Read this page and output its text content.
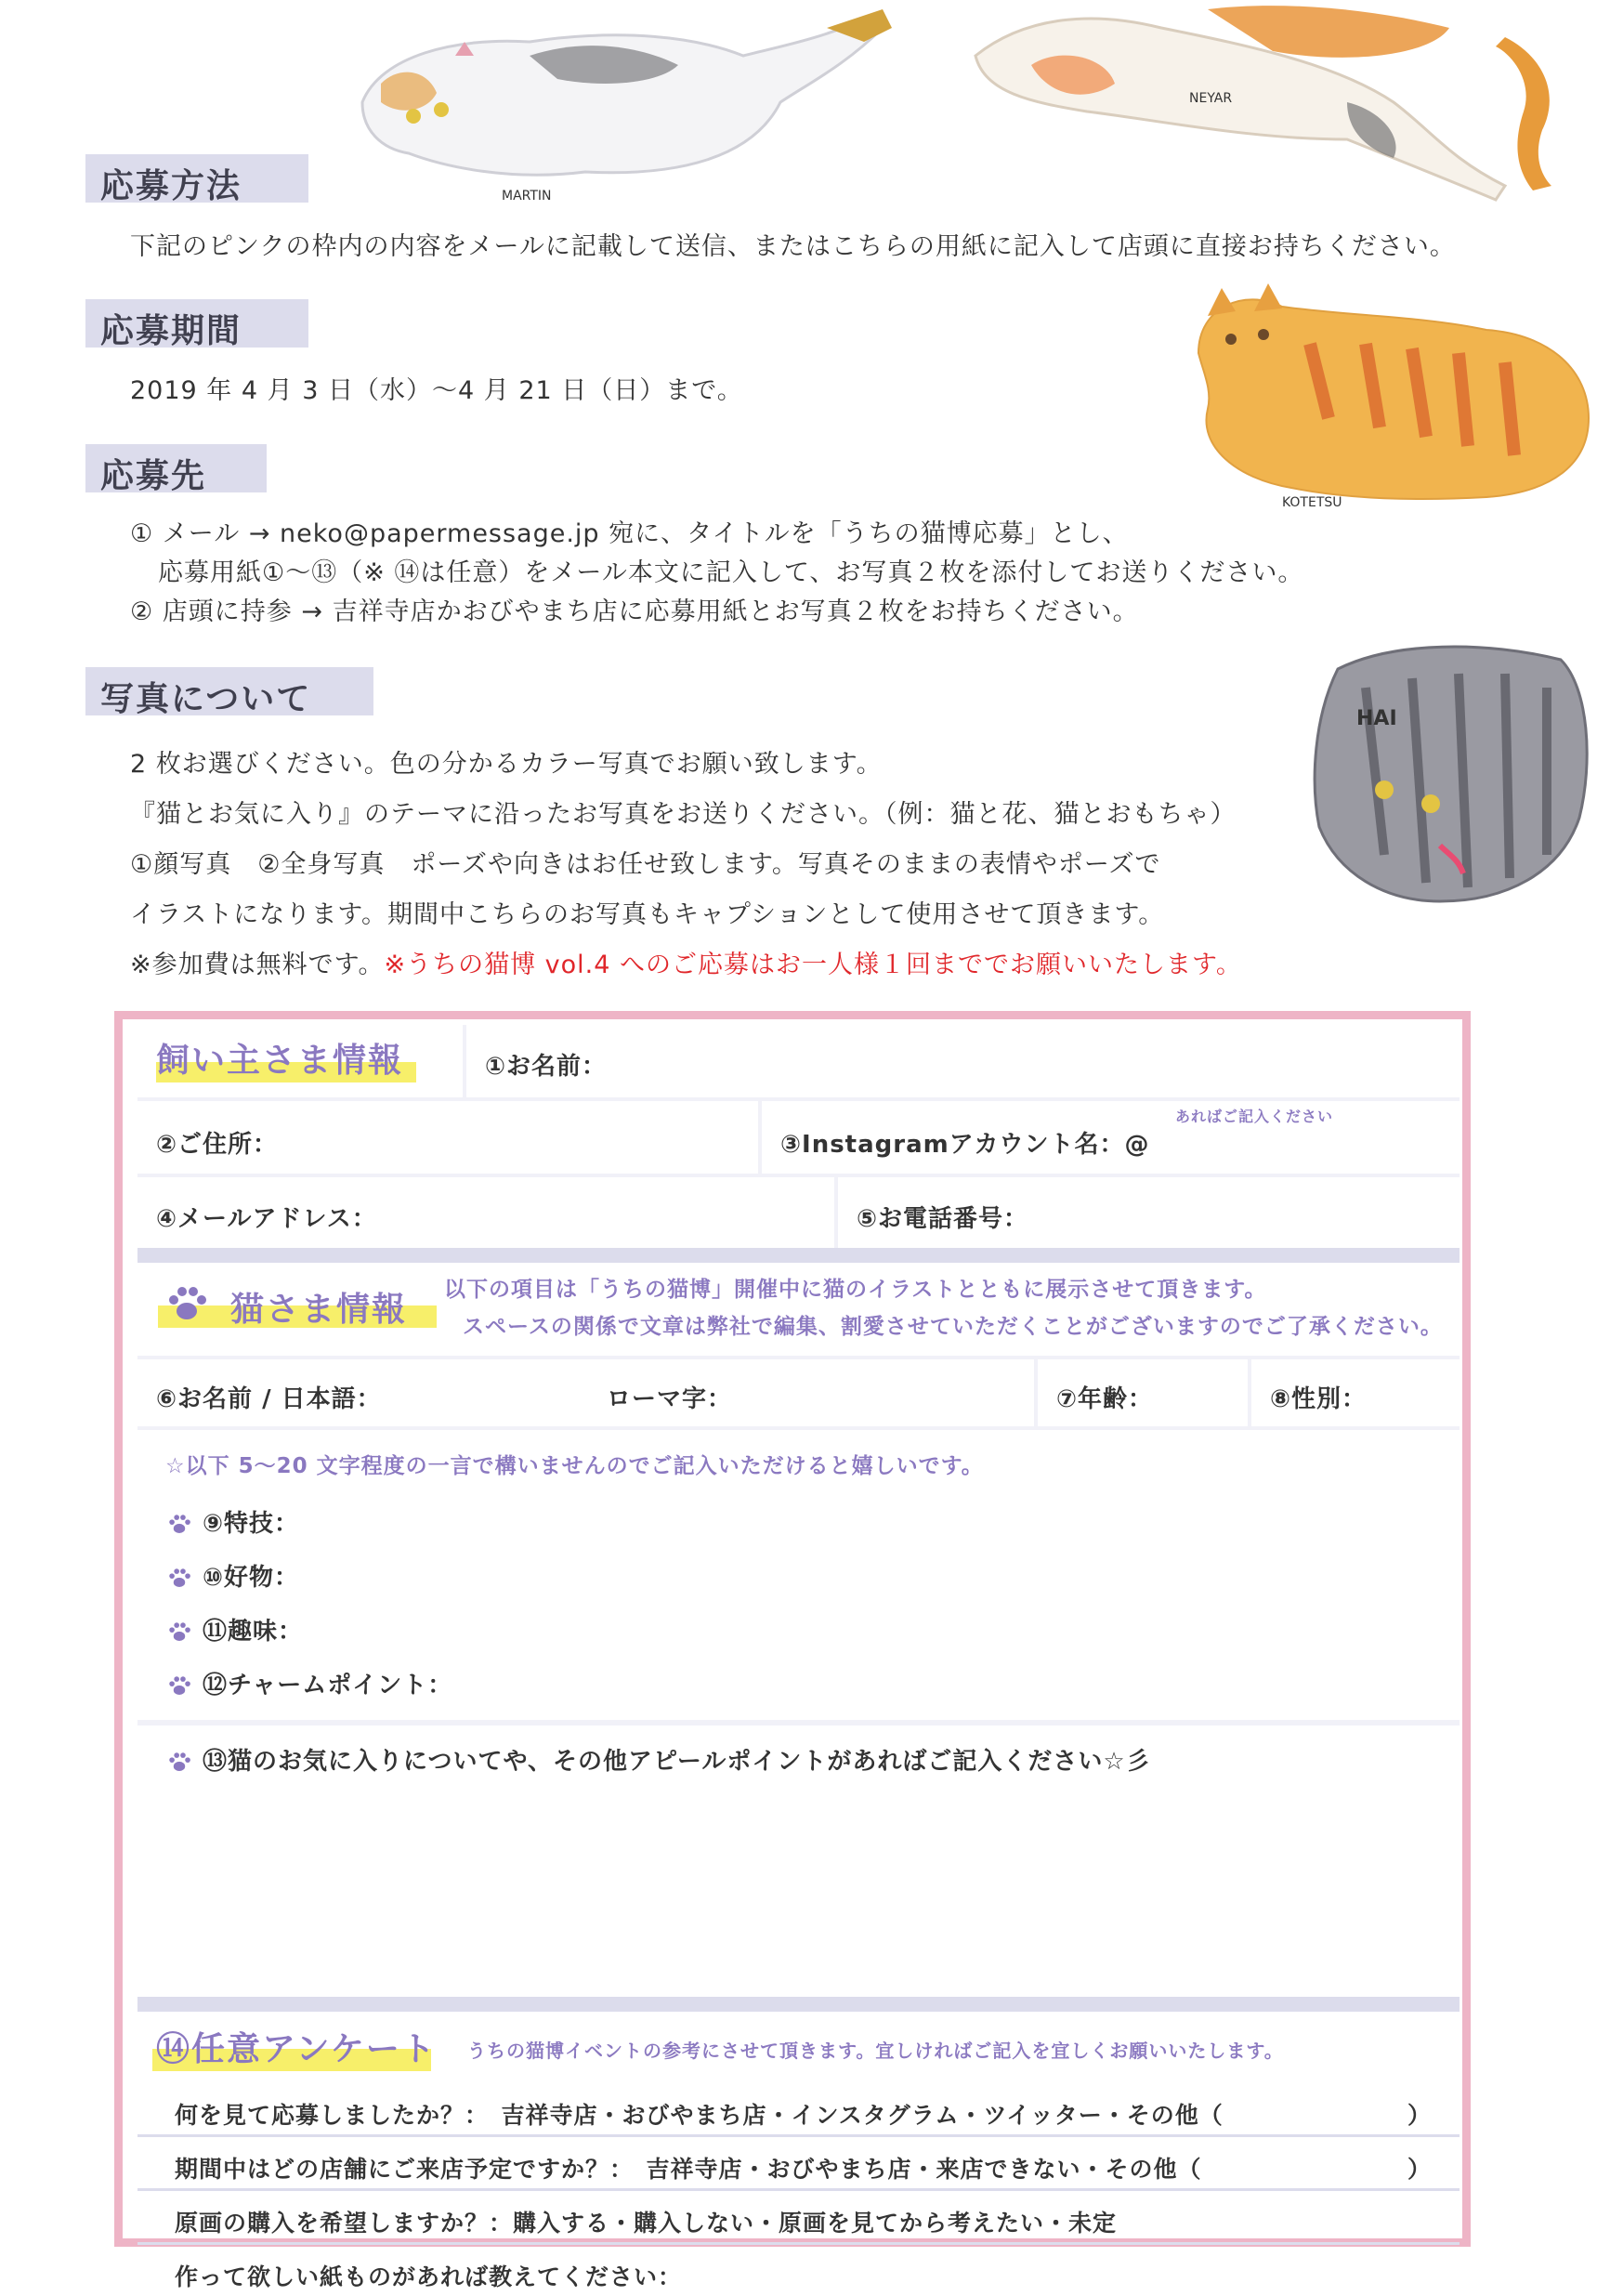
MARTIN
NEYAR
KOTETSU
HAI
応募方法
下記のピンクの枠内の内容をメールに記載して送信、またはこちらの用紙に記入して店頭に直接お持ちください。
応募期間
2019 年 4 月 3 日（水）〜4 月 21 日（日）まで。
応募先
① メール → neko@papermessage.jp 宛に、タイトルを「うちの猫博応募」とし、
応募用紙①〜⑬（※ ⑭は任意）をメール本文に記入して、お写真２枚を添付してお送りください。
② 店頭に持参 → 吉祥寺店かおびやまち店に応募用紙とお写真２枚をお持ちください。
写真について
2 枚お選びください。色の分かるカラー写真でお願い致します。
『猫とお気に入り』のテーマに沿ったお写真をお送りください。（例：猫と花、猫とおもちゃ）
①顔写真　②全身写真　ポーズや向きはお任せ致します。写真そのままの表情やポーズで
イラストになります。期間中こちらのお写真もキャプションとして使用させて頂きます。
※参加費は無料です。※うちの猫博 vol.4 へのご応募はお一人様１回まででお願いいたします。
飼い主さま情報	①お名前：
②ご住所：	③Instagramアカウント名：@
あればご記入ください
④メールアドレス：	⑤お電話番号：
猫さま情報
以下の項目は「うちの猫博」開催中に猫のイラストとともに展示させて頂きます。
スペースの関係で文章は弊社で編集、割愛させていただくことがございますのでご了承ください。
⑥お名前 / 日本語：	ローマ字：	⑦年齢：	⑧性別：
☆以下 5〜20 文字程度の一言で構いませんのでご記入いただけると嬉しいです。
⑨特技：
⑩好物：
⑪趣味：
⑫チャームポイント：
⑬猫のお気に入りについてや、その他アピールポイントがあればご記入ください☆彡
⑭任意アンケート うちの猫博イベントの参考にさせて頂きます。宜しければご記入を宜しくお願いいたします。
何を見て応募しましたか？：　吉祥寺店・おびやまち店・インスタグラム・ツイッター・その他（	）
期間中はどの店舗にご来店予定ですか？：　吉祥寺店・おびやまち店・来店できない・その他（	）
原画の購入を希望しますか？：購入する・購入しない・原画を見てから考えたい・未定
作って欲しい紙ものがあれば教えてください：
